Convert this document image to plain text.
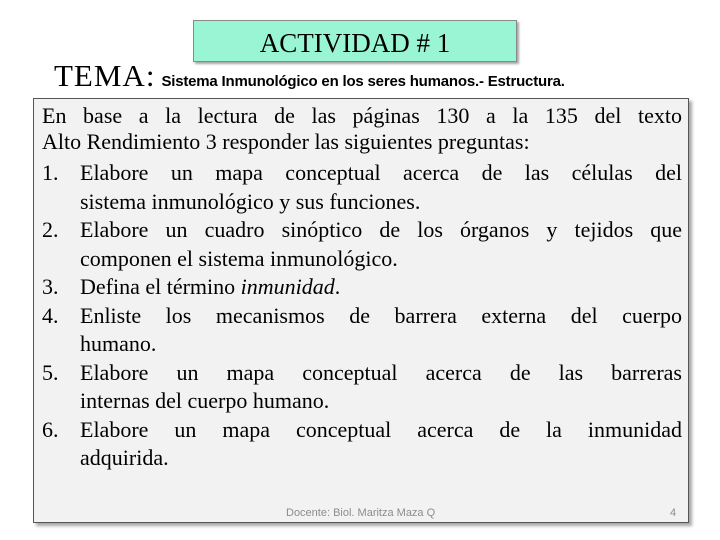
ACTIVIDAD # 1
TEMA: Sistema Inmunológico en los seres humanos.- Estructura.
En base a la lectura de las páginas 130 a la 135 del texto
Alto Rendimiento 3 responder las siguientes preguntas:
1. Elabore un mapa conceptual acerca de las células del
sistema inmunológico y sus funciones.
2. Elabore un cuadro sinóptico de los órganos y tejidos que
componen el sistema inmunológico.
3. Defina el término inmunidad.
4. Enliste los mecanismos de barrera externa del cuerpo
humano.
5. Elabore un mapa conceptual acerca de las barreras
internas del cuerpo humano.
6. Elabore un mapa conceptual acerca de la inmunidad
adquirida.
Docente: Biol. Maritza Maza Q	4
